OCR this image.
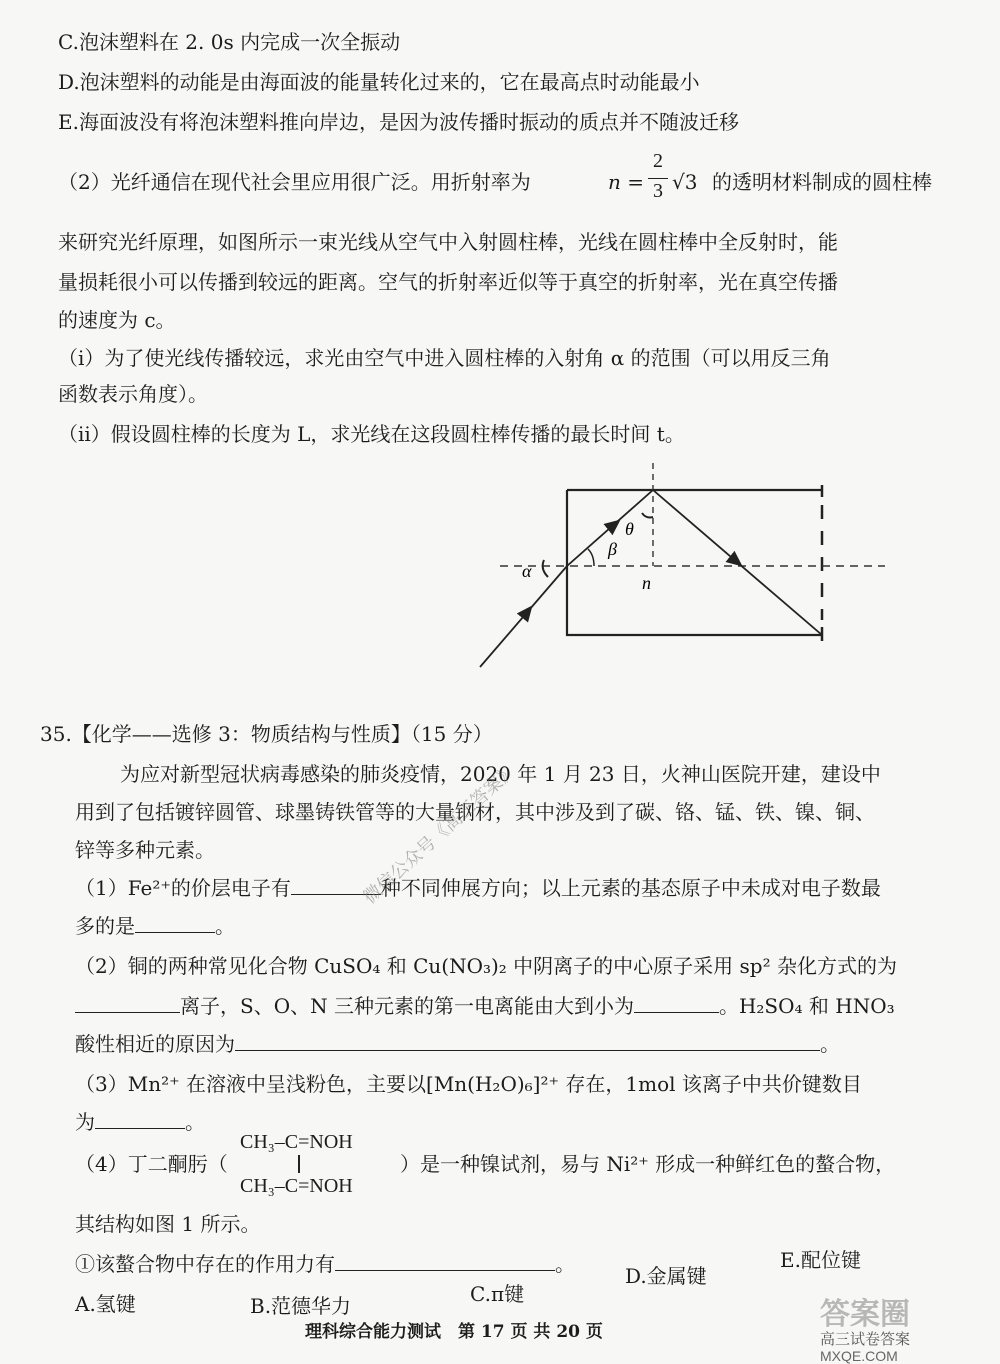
C.泡沫塑料在 2. 0s 内完成一次全振动
D.泡沫塑料的动能是由海面波的能量转化过来的，它在最高点时动能最小
E.海面波没有将泡沫塑料推向岸边，是因为波传播时振动的质点并不随波迁移
（2）光纤通信在现代社会里应用很广泛。用折射率为	n =
2
3 √3 的透明材料制成的圆柱棒
来研究光纤原理，如图所示一束光线从空气中入射圆柱棒，光线在圆柱棒中全反射时，能
量损耗很小可以传播到较远的距离。空气的折射率近似等于真空的折射率，光在真空传播
的速度为 c。
（i）为了使光线传播较远，求光由空气中进入圆柱棒的入射角 α 的范围（可以用反三角
函数表示角度）。
（ii）假设圆柱棒的长度为 L，求光线在这段圆柱棒传播的最长时间 t。
α
β
θ
n
35.【化学——选修 3：物质结构与性质】（15 分）
为应对新型冠状病毒感染的肺炎疫情，2020 年 1 月 23 日，火神山医院开建，建设中
用到了包括镀锌圆管、球墨铸铁管等的大量钢材，其中涉及到了碳、铬、锰、铁、镍、铜、
锌等多种元素。
（1）Fe²⁺的价层电子有	种不同伸展方向；以上元素的基态原子中未成对电子数最
多的是	。
（2）铜的两种常见化合物 CuSO₄ 和 Cu(NO₃)₂ 中阴离子的中心原子采用 sp² 杂化方式的为
离子，S、O、N 三种元素的第一电离能由大到小为	。H₂SO₄ 和 HNO₃
酸性相近的原因为	。
（3）Mn²⁺ 在溶液中呈浅粉色，主要以[Mn(H₂O)₆]²⁺ 存在，1mol 该离子中共价键数目
为	。
（4）丁二酮肟（
CH₃–C=NOH
CH₃–C=NOH
）是一种镍试剂，易与 Ni²⁺ 形成一种鲜红色的螯合物，
其结构如图 1 所示。
①该螯合物中存在的作用力有	。	E.配位键
A.氢键	B.范德华力	C.π键
D.金属键
理科综合能力测试　第 17 页 共 20 页
微信公众号《高三答案》
答案圈
高三试卷答案
MXQE.COM
